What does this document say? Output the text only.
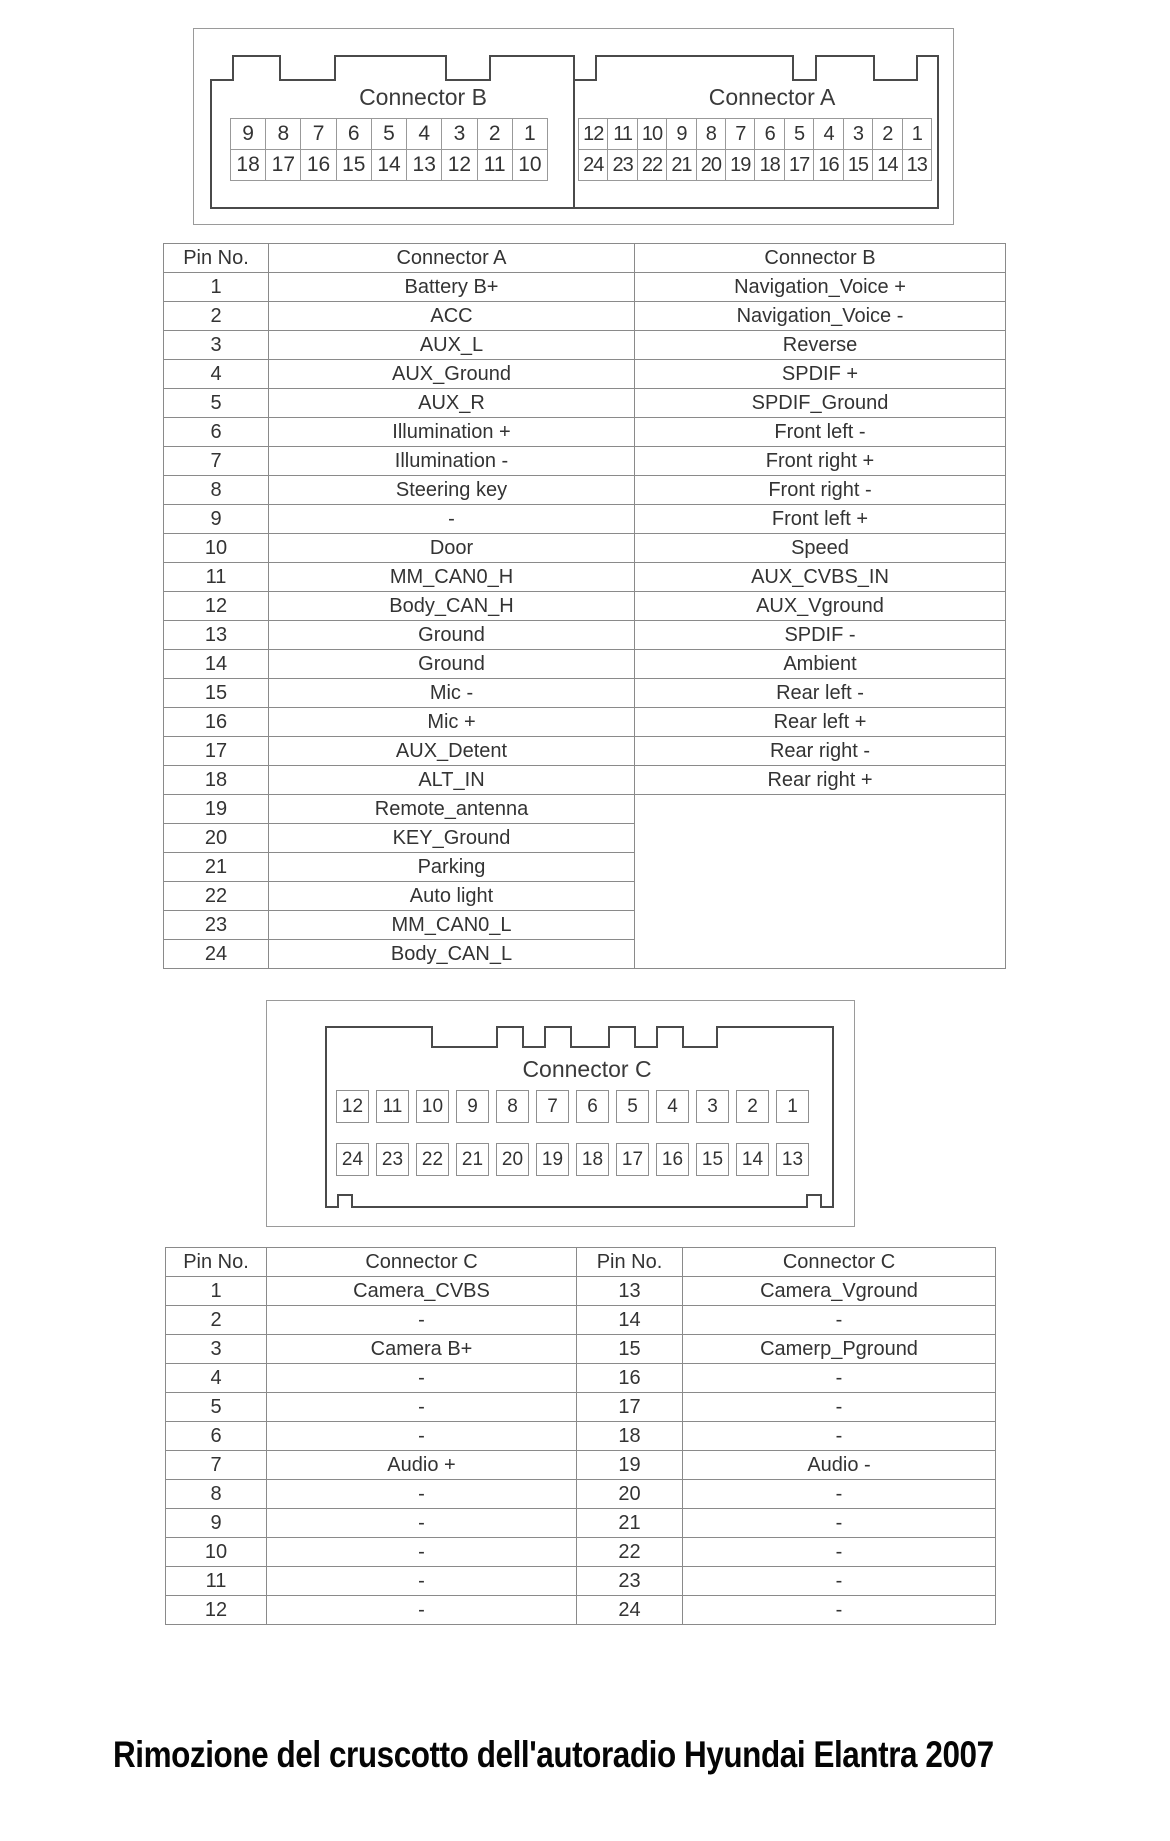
Connector B	Connector A
9	8	7	6	5	4	3	2	1
18 17 16 15 14 13 12 11 10
12 11 10 9 8 7 6 5 4 3 2 1
24 23 22 21 20 19 18 17 16 15 14 13
Pin No.	Connector A	Connector B
1	Battery B+	Navigation_Voice +
2	ACC	Navigation_Voice -
3	AUX_L	Reverse
4	AUX_Ground	SPDIF +
5	AUX_R	SPDIF_Ground
6	Illumination +	Front left -
7	Illumination -	Front right +
8	Steering key	Front right -
9	-	Front left +
10	Door	Speed
11	MM_CAN0_H	AUX_CVBS_IN
12	Body_CAN_H	AUX_Vground
13	Ground	SPDIF -
14	Ground	Ambient
15	Mic -	Rear left -
16	Mic +	Rear left +
17	AUX_Detent	Rear right -
18	ALT_IN	Rear right +
19	Remote_antenna	
20	KEY_Ground	
21	Parking	
22	Auto light	
23	MM_CAN0_L	
24	Body_CAN_L	
Connector C
12	11	10	9	8	7	6	5	4	3	2	1
24 23 22 21 20 19 18 17 16 15 14 13
Pin No.	Connector C	Pin No.	Connector C
1	Camera_CVBS	13	Camera_Vground
2	-	14	-
3	Camera B+	15	Camerp_Pground
4	-	16	-
5	-	17	-
6	-	18	-
7	Audio +	19	Audio -
8	-	20	-
9	-	21	-
10	-	22	-
11	-	23	-
12	-	24	-
Rimozione del cruscotto dell'autoradio Hyundai Elantra 2007
